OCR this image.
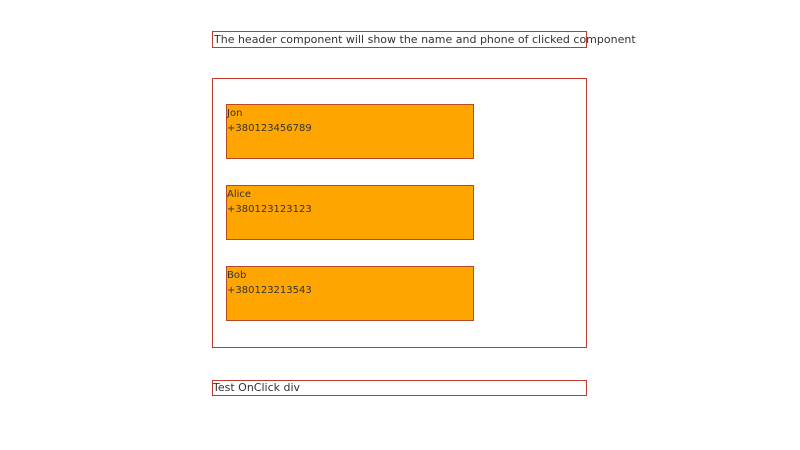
The header component will show the name and phone of clicked component
Jon
+380123456789
Alice
+380123123123
Bob
+380123213543
Test OnClick div
